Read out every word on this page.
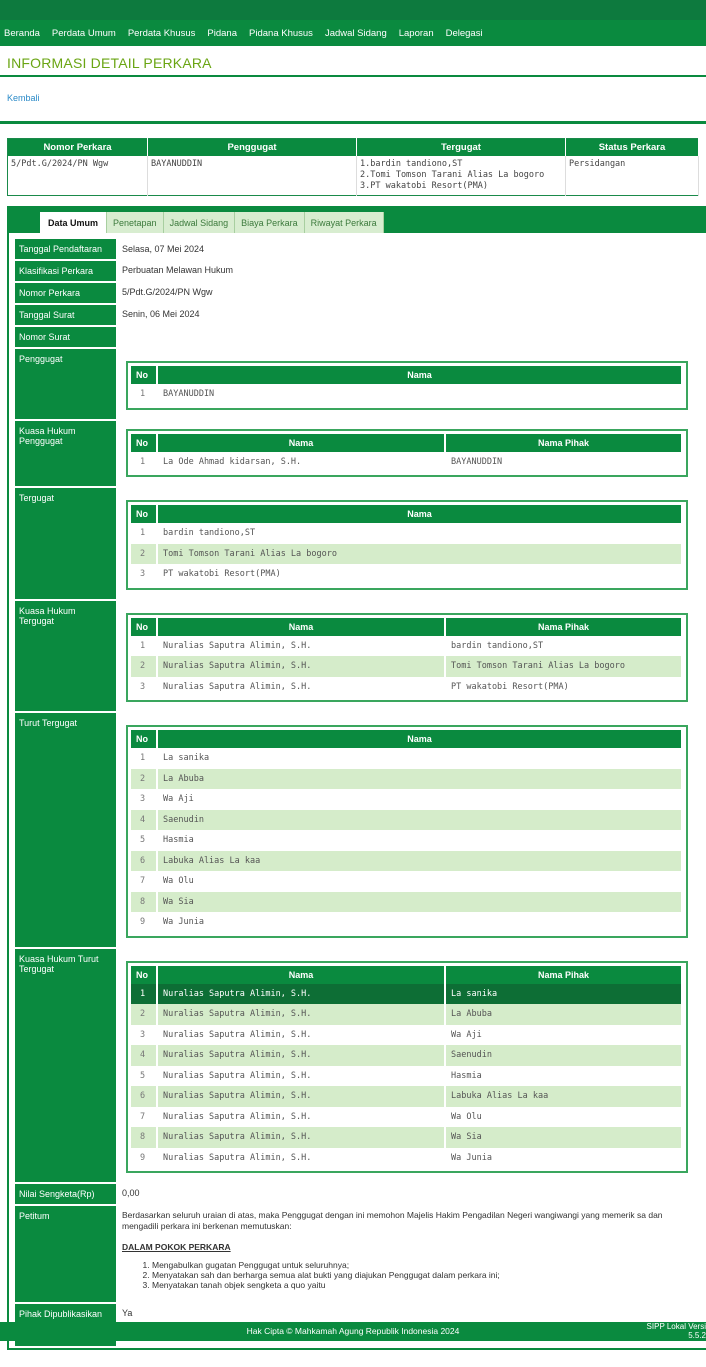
Beranda Perdata Umum Perdata Khusus Pidana Pidana Khusus Jadwal Sidang Laporan Delegasi
INFORMASI DETAIL PERKARA
Kembali
Nomor Perkara	Penggugat	Tergugat	Status Perkara
5/Pdt.G/2024/PN Wgw	BAYANUDDIN	1.bardin tandiono,ST
2.Tomi Tomson Tarani Alias La bogoro
3.PT wakatobi Resort(PMA)	Persidangan
Data Umum	Penetapan	Jadwal Sidang	Biaya Perkara	Riwayat Perkara
Tanggal Pendaftaran	Selasa, 07 Mei 2024
Klasifikasi Perkara	Perbuatan Melawan Hukum
Nomor Perkara	5/Pdt.G/2024/PN Wgw
Tanggal Surat	Senin, 06 Mei 2024
Nomor Surat	
Penggugat	
No	Nama
1	BAYANUDDIN

Kuasa Hukum Penggugat		No	Nama	Nama Pihak
1	La Ode Ahmad kidarsan, S.H.	BAYANUDDIN

Tergugat	
No	Nama
1	bardin tandiono,ST
2	Tomi Tomson Tarani Alias La bogoro
3	PT wakatobi Resort(PMA)

Kuasa Hukum Tergugat	
No	Nama	Nama Pihak
1	Nuralias Saputra Alimin, S.H.	bardin tandiono,ST
2	Nuralias Saputra Alimin, S.H.	Tomi Tomson Tarani Alias La bogoro
3	Nuralias Saputra Alimin, S.H.	PT wakatobi Resort(PMA)

Turut Tergugat	
No	Nama
1	La sanika
2	La Abuba
3	Wa Aji
4	Saenudin
5	Hasmia
6	Labuka Alias La kaa
7	Wa Olu
8	Wa Sia
9	Wa Junia

Kuasa Hukum Turut Tergugat	
No	Nama	Nama Pihak
1	Nuralias Saputra Alimin, S.H.	La sanika
2	Nuralias Saputra Alimin, S.H.	La Abuba
3	Nuralias Saputra Alimin, S.H.	Wa Aji
4	Nuralias Saputra Alimin, S.H.	Saenudin
5	Nuralias Saputra Alimin, S.H.	Hasmia
6	Nuralias Saputra Alimin, S.H.	Labuka Alias La kaa
7	Nuralias Saputra Alimin, S.H.	Wa Olu
8	Nuralias Saputra Alimin, S.H.	Wa Sia
9	Nuralias Saputra Alimin, S.H.	Wa Junia

Nilai Sengketa(Rp)	0,00
Petitum	Berdasarkan seluruh uraian di atas, maka Penggugat dengan ini memohon Majelis Hakim Pengadilan Negeri wangiwangi yang memerik sa dan mengadili perkara ini berkenan memutuskan:

DALAM POKOK PERKARA

1. Mengabulkan gugatan Penggugat untuk seluruhnya;
2. Menyatakan sah dan berharga semua alat bukti yang diajukan Penggugat dalam perkara ini;
3. Menyatakan tanah objek sengketa a quo yaitu

Pihak Dipublikasikan	Ya

Hak Cipta © Mahkamah Agung Republik Indonesia 2024	SIPP Lokal Versi
5.5.2
